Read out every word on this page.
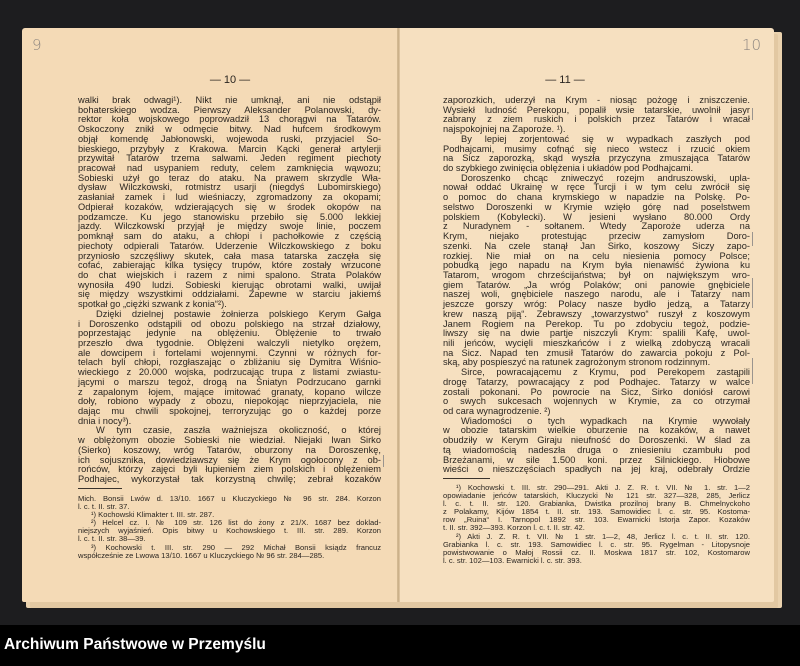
9	10
— 10 —	— 11 —
walki brak odwagi¹). Nikt nie umknął, ani nie odstąpił
bohaterskiego wodza. Pierwszy Aleksander Polanowski, dy-
rektor koła wojskowego poprowadził 13 chorągwi na Tatarów.
Oskoczony znikł w odmęcie bitwy. Nad hufcem środkowym
objął komendę Jabłonowski, wojewoda ruski, przyjaciel So-
bieskiego, przybyły z Krakowa. Marcin Kącki generał artylerji
przywitał Tatarów trzema salwami. Jeden regiment piechoty
pracował nad usypaniem reduty, celem zamknięcia wąwozu;
Sobieski użył go teraz do ataku. Na prawem skrzydle Wła-
dysław Wilczkowski, rotmistrz usarji (niegdyś Lubomirskiego)
zasłaniał zamek i lud wieśniaczy, zgromadzony za okopami;
Odpierał kozaków, wdzierających się w środek okopów na
podzamcze. Ku jego stanowisku przebiło się 5.000 lekkiej
jazdy. Wilczkowski przyjął je między swoje linie, poczem
pomknął sam do ataku, a chłopi i pachołkowie z częścią
piechoty odpierali Tatarów. Uderzenie Wilczkowskiego z boku
przyniosło szczęśliwy skutek, cała masa tatarska zaczęła się
cofać, zabierając kilka tysięcy trupów, które zostały wrzucone
do chat wiejskich i razem z nimi spalono. Strata Polaków
wynosiła 490 ludzi. Sobieski kierując obrotami walki, uwijał
się między wszystkimi oddziałami. Zapewne w starciu jakiemś
spotkał go „ciężki szwank z konia“²).
Dzięki dzielnej postawie żołnierza polskiego Kerym Gałga
i Doroszenko odstąpili od obozu polskiego na strzał działowy,
poprzestając jedynie na oblężeniu. Oblężenie to trwało
przeszło dwa tygodnie. Oblężeni walczyli nietylko orężem,
ale dowcipem i fortelami wojennymi. Czynni w różnych for-
telach byli chłopi, rozgłaszając o zbliżaniu się Dymitra Wiśnio-
wieckiego z 20.000 wojska, podrzucając trupa z listami zwiastu-
jącymi o marszu tegoż, drogą na Śniatyn Podrzucano garnki
z zapalonym łojem, mające imitować granaty, kopano wilcze
doły, robiono wypady z obozu, niepokojąc nieprzyjaciela, nie
dając mu chwili spokojnej, terroryzując go o każdej porze
dnia i nocy³).
W tym czasie, zaszła ważniejsza okoliczność, o której
w oblężonym obozie Sobieski nie wiedział. Niejaki Iwan Sirko
(Sierko) koszowy, wróg Tatarów, oburzony na Doroszenkę,
ich sojusznika, dowiedziawszy się że Krym ogołocony z ob-
rońców, którzy zajęci byli łupieniem ziem polskich i oblężeniem
Podhajec, wykorzystał tak korzystną chwilę; zebrał kozaków
Mich. Bonsii Lwów d. 13/10. 1667 u Kluczyckiego № 96 str. 284. Korzon
l. c. t. II. str. 37.
¹) Kochowski Klimakter t. III. str. 287.
²) Helcel cz. I. № 109 str. 126 list do żony z 21/X. 1687 bez doklad-
niejszych wyjaśnień. Opis bitwy u Kochowskiego t. III. str. 289. Korzon
l. c. t. II. str. 38—39.
³) Kochowski t. III. str. 290 — 292 Michał Bonsii ksiądz francuz
współcześnie ze Lwowa 13/10. 1667 u Kluczyckiego № 96 str. 284—285.
zaporozkich, uderzył na Krym - niosąc pożogę i zniszczenie.
Wysiekł ludność Perekopu, popalił wsie tatarskie, uwolnił jasyr
zabrany z ziem ruskich i polskich przez Tatarów i wracał
najspokojniej na Zaporoże. ¹).
By lepiej zorjentować się w wypadkach zaszłych pod
Podhajcami, musimy cofnąć się nieco wstecz i rzucić okiem
na Sicz zaporozką, skąd wyszła przyczyna zmuszająca Tatarów
do szybkiego zwinięcia oblężenia i układów pod Podhajcami.
Doroszenko chcąc zniweczyć rozejm andruszowski, upla-
nował oddać Ukrainę w ręce Turcji i w tym celu zwrócił się
o pomoc do chana krymskiego w napadzie na Polskę. Po-
selstwo Doroszenki w Krymie wzięło górę nad poselstwem
polskiem (Kobylecki). W jesieni wysłano 80.000 Ordy
z Nuradynem - sołtanem. Wtedy Zaporoże uderza na
Krym, niejako protestując przeciw zamysłom Doro-
szenki. Na czele stanął Jan Sirko, koszowy Siczy zapo-
rozkiej. Nie miał on na celu niesienia pomocy Polsce;
pobudką jego napadu na Krym była nienawiść żywiona ku
Tatarom, wrogom chrześcijaństwa; był on największym wro-
giem Tatarów. „Ja wróg Polaków; oni panowie gnębiciele
naszej woli, gnębiciele naszego narodu, ale i Tatarzy nam
jeszcze gorszy wróg: Polacy nasze bydło jedzą, a Tatarzy
krew naszą piją“. Zebrawszy „towarzystwo“ ruszył z koszowym
Janem Rogiem na Perekop. Tu po zdobyciu tegoż, podzie-
liwszy się na dwie partje niszczyli Krym: spalili Kafę, uwol-
nili jeńców, wycięli mieszkańców i z wielką zdobyczą wracali
na Sicz. Napad ten zmusił Tatarów do zawarcia pokoju z Pol-
ską, aby pospieszyć na ratunek zagrożonym stronom rodzinnym.
Sirce, powracającemu z Krymu, pod Perekopem zastąpili
drogę Tatarzy, powracający z pod Podhajec. Tatarzy w walce
zostali pokonani. Po powrocie na Sicz, Sirko doniósł carowi
o swych sukcesach wojennych w Krymie, za co otrzymał
od cara wynagrodzenie. ²)
Wiadomości o tych wypadkach na Krymie wywołały
w obozie tatarskim wielkie oburzenie na kozaków, a nawet
obudziły w Kerym Giraju nieufność do Doroszenki. W ślad za
tą wiadomością nadeszła druga o zniesieniu czambułu pod
Brzeżanami, w sile 1.500 koni. przez Silnickiego. Hiobowe
wieści o nieszczęściach spadłych na jej kraj, odebrały Ordzie
¹) Kochowski t. III. str. 290—291. Akti J. Z. R. t. VII. № 1. str. 1—2
opowiadanie jeńców tatarskich, Kluczycki № 121 str. 327—328, 285, Jerlicz
l. c. t. II. str. 120. Grabianka, Dwistka prozilnoj brany B. Chmelnyckoho
z Polakamy, Kijów 1854 t. II. str. 193. Samowidiec l. c. str. 95. Kostoma-
row „Ruina“ I. Tarnopol 1892 str. 103. Ewarnicki Istorja Zapor. Kozaków
t. II. str. 392—393. Korzon l. c. t. II. str. 42.
²) Akti J. Z. R. t. VII. № 1 str. 1—2, 48, Jerlicz l. c. t. II. str. 120.
Grabianka l. c. str. 193. Samowidiec l. c. str. 95. Rygelman - Litopysnoje
powistwowanie o Małoj Rossii cz. II. Moskwa 1817 str. 102, Kostomarow
l. c. str. 102—103. Ewarnicki l. c. str. 393.
Archiwum Państwowe w Przemyślu
